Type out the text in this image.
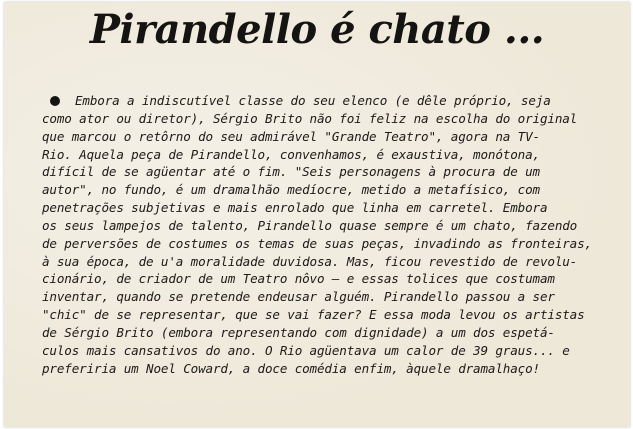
Pirandello é chato ...
Embora a indiscutível classe do seu elenco (e dêle próprio, seja
como ator ou diretor), Sérgio Brito não foi feliz na escolha do original
que marcou o retôrno do seu admirável "Grande Teatro", agora na TV-
Rio. Aquela peça de Pirandello, convenhamos, é exaustiva, monótona,
difícil de se agüentar até o fim. "Seis personagens à procura de um
autor", no fundo, é um dramalhão medíocre, metido a metafísico, com
penetrações subjetivas e mais enrolado que linha em carretel. Embora
os seus lampejos de talento, Pirandello quase sempre é um chato, fazendo
de perversões de costumes os temas de suas peças, invadindo as fronteiras,
à sua época, de u'a moralidade duvidosa. Mas, ficou revestido de revolu-
cionário, de criador de um Teatro nôvo — e essas tolices que costumam
inventar, quando se pretende endeusar alguém. Pirandello passou a ser
"chic" de se representar, que se vai fazer? E essa moda levou os artistas
de Sérgio Brito (embora representando com dignidade) a um dos espetá-
culos mais cansativos do ano. O Rio agüentava um calor de 39 graus... e
preferiria um Noel Coward, a doce comédia enfim, àquele dramalhaço!
